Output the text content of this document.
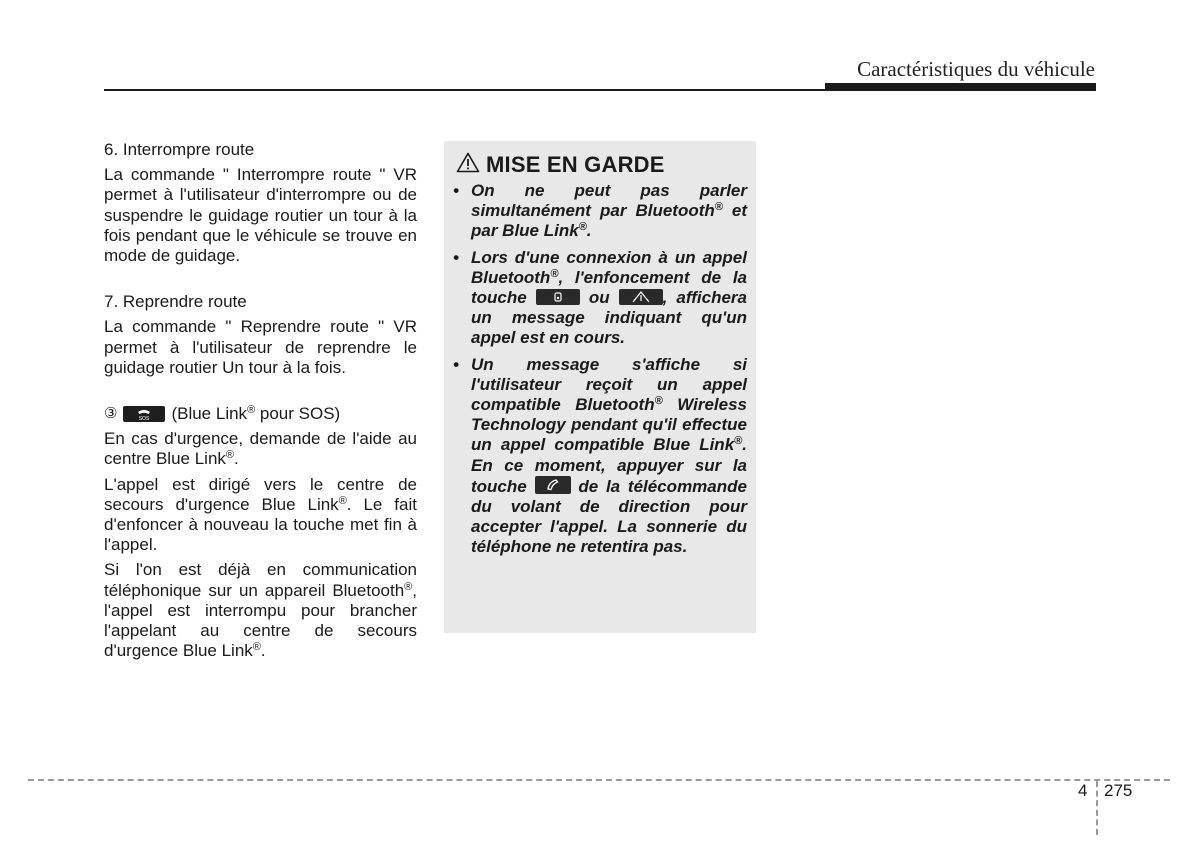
Caractéristiques du véhicule

6. Interrompre route

La commande " Interrompre route " VR permet à l'utilisateur d'interrompre ou de suspendre le guidage routier un tour à la fois pendant que le véhicule se trouve en mode de guidage.

7. Reprendre route

La commande " Reprendre route " VR permet à l'utilisateur de reprendre le guidage routier Un tour à la fois.

③	SOS (Blue Link® pour SOS)

En cas d'urgence, demande de l'aide au centre Blue Link®.

L'appel est dirigé vers le centre de secours d'urgence Blue Link®. Le fait d'enfoncer à nouveau la touche met fin à l'appel.

Si l'on est déjà en communication téléphonique sur un appareil Bluetooth®, l'appel est interrompu pour brancher l'appelant au centre de secours d'urgence Blue Link®.

MISE EN GARDE
• On ne peut pas parler simultanément par Bluetooth® et par Blue Link®.
• Lors d'une connexion à un appel Bluetooth®, l'enfoncement de la touche	ou	, affichera un message indiquant qu'un appel est en cours.
• Un message s'affiche si l'utilisateur reçoit un appel compatible Bluetooth® Wireless Technology pendant qu'il effectue un appel compatible Blue Link®. En ce moment, appuyer sur la touche	de la télécommande du volant de direction pour accepter l'appel. La sonnerie du téléphone ne retentira pas.
4 275
